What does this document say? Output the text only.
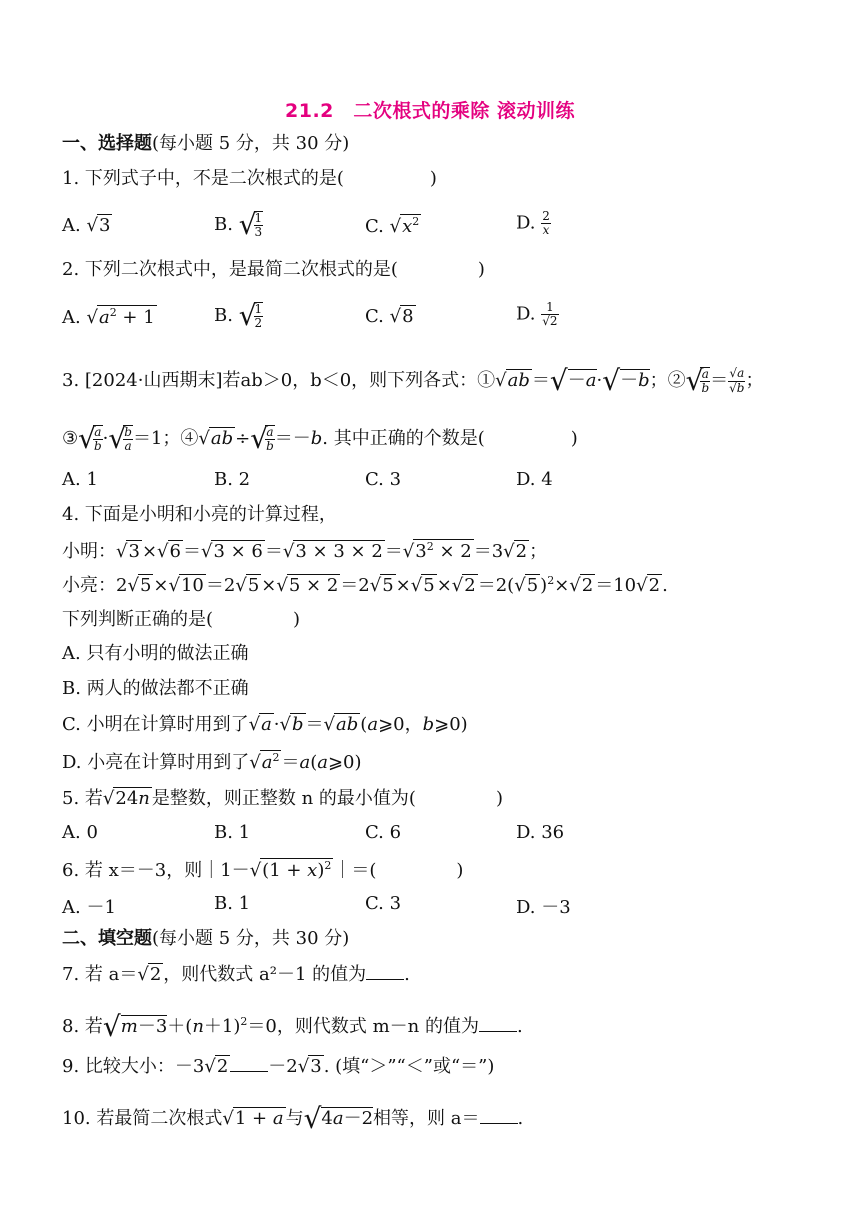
21.2　二次根式的乘除 滚动训练
一、选择题(每小题 5 分，共 30 分)
1. 下列式子中，不是二次根式的是(	)
A. √3	B. √
$\frac{1}{3}$	C. $√x^2$	D. $\frac{2}{x}$
2. 下列二次根式中，是最简二次根式的是(	)
A. $√a^2 + 1$	B. √
$\frac{1}{2}$	C. √8	D. $\frac{1}{√2}$
3. [2024·山西期末]若ab＞0，b＜0，则下列各式：①√ab ＝√－a·√－b；②√
$\frac{a}{b} = \frac{√a}{√b}$ ；
③√
$\frac{a}{b}$ ·√
$\frac{b}{a} =1$；④√ab ÷√
$\frac{a}{b} =-b$. 其中正确的个数是(	)
A. 1	B. 2	C. 3	D. 4
4. 下面是小明和小亮的计算过程，
小明：$√3 \times√6 =√3 \times 6 =√3 \times 3 \times 2 =√3^2 \times 2 =3√2$ ；
小亮：2√5 ×√10 ＝2√5 ×√5 × 2 ＝2√5 ×√5 ×√2 ＝2(√5 )$^2$×√2 ＝10√2 .
下列判断正确的是(	)
A. 只有小明的做法正确
B. 两人的做法都不正确
C. 小明在计算时用到了√a ·√b ＝√ab (a⩾0，b⩾0)
D. 小亮在计算时用到了$√a^2$ ＝a(a⩾0)
5. 若√24n 是整数，则正整数 n 的最小值为(	)
A. 0	B. 1	C. 6	D. 36
6. 若 x＝－3，则｜1－√(1 + x)$^2$ ｜＝(	)
A. －1	B. 1	C. 3	D. －3
二、填空题(每小题 5 分，共 30 分)
7. 若 a＝√2 ，则代数式 a²－1 的值为 .
8. 若$√m-3+(n+1)^2=0$，则代数式 m－n 的值为 .
9. 比较大小：－3√2 －2√3 . (填“＞”“＜”或“＝”)
10. 若最简二次根式√1 + a 与√4a－2相等，则 a＝ .
